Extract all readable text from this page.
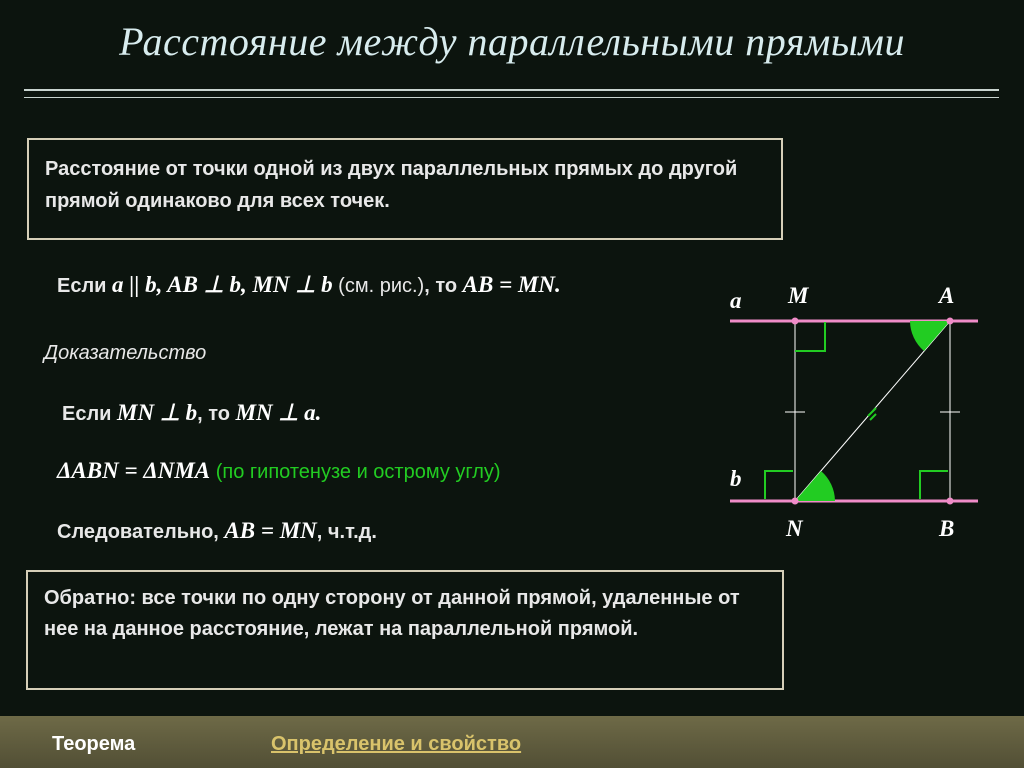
Расстояние между параллельными прямыми

Расстояние от точки одной из двух параллельных прямых до другой прямой одинаково для всех точек.

Если a || b, AB ⊥ b, MN ⊥ b (см. рис.), то AB = MN.
Доказательство
Если MN ⊥ b, то MN ⊥ a.
ΔABN = ΔNMA (по гипотенузе и острому углу)
Следовательно, AB = MN, ч.т.д.

Обратно: все точки по одну сторону от данной прямой, удаленные от нее на данное расстояние, лежат на параллельной прямой.

a M	A
b
N	B
Теорема	Определение и свойство
